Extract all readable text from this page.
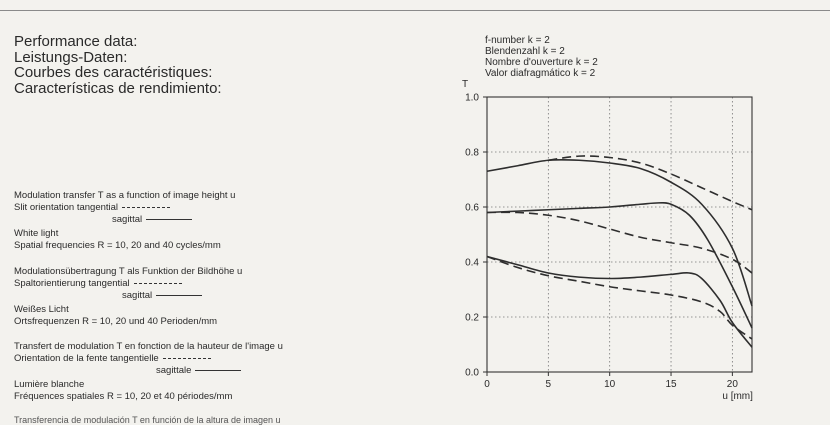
Performance data:
Leistungs-Daten:
Courbes des caractéristiques:
Características de rendimiento:
Modulation transfer T as a function of image height u
Slit orientation tangential
sagittal
White light
Spatial frequencies R = 10, 20 and 40 cycles/mm
Modulationsübertragung T als Funktion der Bildhöhe u
Spaltorientierung tangential
sagittal
Weißes Licht
Ortsfrequenzen R = 10, 20 und 40 Perioden/mm
Transfert de modulation T en fonction de la hauteur de l'image u
Orientation de la fente tangentielle
sagittale
Lumière blanche
Fréquences spatiales R = 10, 20 et 40 périodes/mm
Transferencia de modulación T en función de la altura de imagen u
f-number k = 2
Blendenzahl k = 2
Nombre d'ouverture k = 2
Valor diafragmático k = 2
T
0	5	10	15	20
0.0
0.2
0.4
0.6
0.8
1.0
u [mm]
